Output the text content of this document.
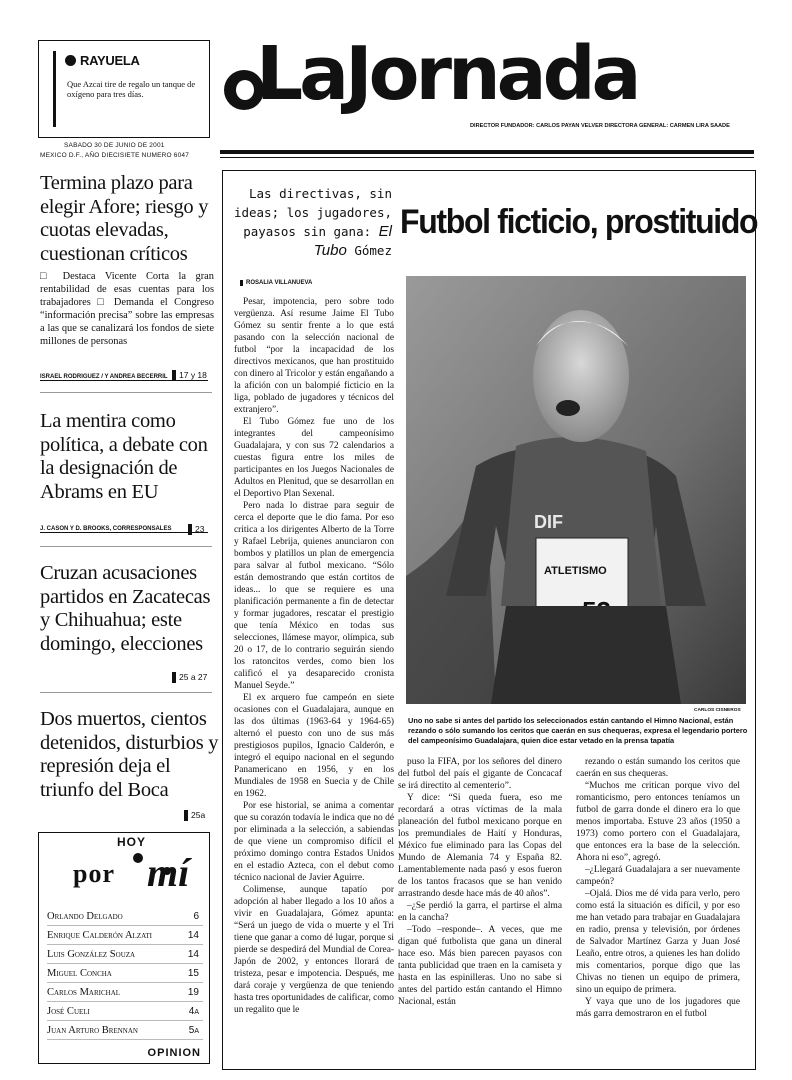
RAYUELA
Que Azcai tire de regalo un tanque de oxígeno para tres días.
SABADO 30 DE JUNIO DE 2001
MEXICO D.F., AÑO DIECISIETE NUMERO 6047
LaJornada
DIRECTOR FUNDADOR: CARLOS PAYAN VELVER DIRECTORA GENERAL: CARMEN LIRA SAADE
Termina plazo para elegir Afore; riesgo y cuotas elevadas, cuestionan críticos
□ Destaca Vicente Corta la gran rentabilidad de esas cuentas para los trabajadores □ Demanda el Congreso “información precisa” sobre las empresas a las que se canalizará los fondos de siete millones de personas
ISRAEL RODRIGUEZ / Y ANDREA BECERRIL	17 y 18
La mentira como política, a debate con la designación de Abrams en EU
J. CASON Y D. BROOKS, CORRESPONSALES	23
Cruzan acusaciones partidos en Zacatecas y Chihuahua; este domingo, elecciones
25 a 27
Dos muertos, cientos detenidos, disturbios y represión deja el triunfo del Boca
25a
HOY
por mí
Orlando Delgado	6
Enrique Calderón Alzati	14
Luis González Souza	14
Miguel Concha	15
Carlos Marichal	19
José Cueli	4a
Juan Arturo Brennan	5a
OPINION
Las directivas, sin ideas; los jugadores, payasos sin gana: El Tubo Gómez
Futbol ficticio, prostituido
ROSALIA VILLANUEVA

Pesar, impotencia, pero sobre todo vergüenza. Así resume Jaime El Tubo Gómez su sentir frente a lo que está pasando con la selección nacional de futbol “por la incapacidad de los directivos mexicanos, que han prostituido con dinero al Tricolor y están engañando a la afición con un balompié ficticio en la liga, poblado de jugadores y técnicos del extranjero”.

El Tubo Gómez fue uno de los integrantes del campeonísimo Guadalajara, y con sus 72 calendarios a cuestas figura entre los miles de participantes en los Juegos Nacionales de Adultos en Plenitud, que se desarrollan en el Deportivo Plan Sexenal.

Pero nada lo distrae para seguir de cerca el deporte que le dio fama. Por eso critica a los dirigentes Alberto de la Torre y Rafael Lebrija, quienes anunciaron con bombos y platillos un plan de emergencia para salvar al futbol mexicano. “Sólo están demostrando que están cortitos de ideas... lo que se requiere es una planificación permanente a fin de detectar y formar jugadores, rescatar el prestigio que tenía México en todas sus selecciones, llámese mayor, olímpica, sub 20 o 17, de lo contrario seguirán siendo los ratoncitos verdes, como bien los calificó el ya desaparecido cronista Manuel Seyde.”

El ex arquero fue campeón en siete ocasiones con el Guadalajara, aunque en las dos últimas (1963-64 y 1964-65) alternó el puesto con uno de sus más prestigiosos pupilos, Ignacio Calderón, e integró el equipo nacional en el segundo Panamericano en 1956, y en los Mundiales de 1958 en Suecia y de Chile en 1962.

Por ese historial, se anima a comentar que su corazón todavía le indica que no dé por eliminada a la selección, a sabiendas de que viene un compromiso difícil el próximo domingo contra Estados Unidos en el estadio Azteca, con el debut como técnico nacional de Javier Aguirre.

Colimense, aunque tapatío por adopción al haber llegado a los 10 años a vivir en Guadalajara, Gómez apunta: “Será un juego de vida o muerte y el Tri tiene que ganar a como dé lugar, porque si pierde se despedirá del Mundial de Corea-Japón de 2002, y entonces llorará de tristeza, pesar e impotencia. Después, me dará coraje y vergüenza de que teniendo hasta tres oportunidades de calificar, como un regalito que le

puso la FIFA, por los señores del dinero del futbol del país el gigante de Concacaf se irá directito al cementerio”.

Y dice: “Si queda fuera, eso me recordará a otras víctimas de la mala planeación del futbol mexicano porque en los premundiales de Haití y Honduras, México fue eliminado para las Copas del Mundo de Alemania 74 y España 82. Lamentablemente nada pasó y esos fueron de los tantos fracasos que se han venido arrastrando desde hace más de 40 años”.

–¿Se perdió la garra, el partirse el alma en la cancha?

–Todo –responde–. A veces, que me digan qué futbolista que gana un dineral hace eso. Más bien parecen payasos con tanta publicidad que traen en la camiseta y hasta en las espinilleras. Uno no sabe si antes del partido están cantando el Himno Nacional, están

rezando o están sumando los ceritos que caerán en sus chequeras.

“Muchos me critican porque vivo del romanticismo, pero entonces teníamos un futbol de garra donde el dinero era lo que menos importaba. Estuve 23 años (1950 a 1973) como portero con el Guadalajara, que entonces era la base de la selección. Ahora ni eso”, agregó.

–¿Llegará Guadalajara a ser nuevamente campeón?

–Ojalá. Dios me dé vida para verlo, pero como está la situación es difícil, y por eso me han vetado para trabajar en Guadalajara en radio, prensa y televisión, por órdenes de Salvador Martínez Garza y Juan José Leaño, entre otros, a quienes les han dolido mis comentarios, porque digo que las Chivas no tienen un equipo de primera, sino un equipo de primera.

Y vaya que uno de los jugadores que más garra demostraron en el futbol

DIF
ATLETISMO
CARLOS CISNEROS
Uno no sabe si antes del partido los seleccionados están cantando el Himno Nacional, están rezando o sólo sumando los ceritos que caerán en sus chequeras, expresa el legendario portero del campeonísimo Guadalajara, quien dice estar vetado en la prensa tapatía
